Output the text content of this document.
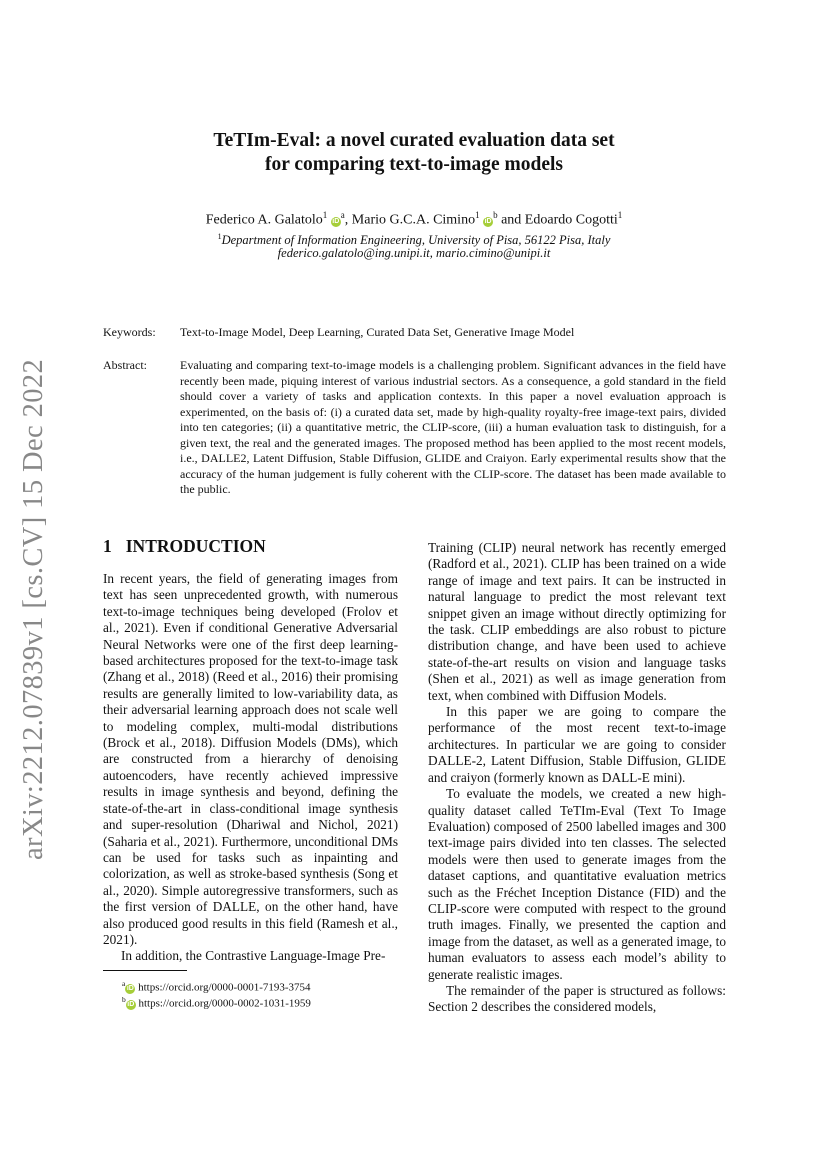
arXiv:2212.07839v1 [cs.CV] 15 Dec 2022
TeTIm-Eval: a novel curated evaluation data set
for comparing text-to-image models
Federico A. Galatolo$^1$ $iD^a$, Mario G.C.A. Cimino$^1$ $iD^b$ and Edoardo Cogotti$^1$
$^1$Department of Information Engineering, University of Pisa, 56122 Pisa, Italy
federico.galatolo@ing.unipi.it, mario.cimino@unipi.it
Keywords: Text-to-Image Model, Deep Learning, Curated Data Set, Generative Image Model
Abstract:	Evaluating and comparing text-to-image models is a challenging problem. Significant advances in the field have recently been made, piquing interest of various industrial sectors. As a consequence, a gold standard in the field should cover a variety of tasks and application contexts. In this paper a novel evaluation approach is experimented, on the basis of: (i) a curated data set, made by high-quality royalty-free image-text pairs, divided into ten categories; (ii) a quantitative metric, the CLIP-score, (iii) a human evaluation task to distinguish, for a given text, the real and the generated images. The proposed method has been applied to the most recent models, i.e., DALLE2, Latent Diffusion, Stable Diffusion, GLIDE and Craiyon. Early experimental results show that the accuracy of the human judgement is fully coherent with the CLIP-score. The dataset has been made available to the public.
1 INTRODUCTION

In recent years, the field of generating images from text has seen unprecedented growth, with numerous text-to-image techniques being developed (Frolov et al., 2021). Even if conditional Generative Adversarial Neural Networks were one of the first deep learning-based architectures proposed for the text-to-image task (Zhang et al., 2018) (Reed et al., 2016) their promising results are generally limited to low-variability data, as their adversarial learning approach does not scale well to modeling complex, multi-modal distributions (Brock et al., 2018). Diffusion Models (DMs), which are constructed from a hierarchy of denoising autoencoders, have recently achieved impressive results in image synthesis and beyond, defining the state-of-the-art in class-conditional image synthesis and super-resolution (Dhariwal and Nichol, 2021) (Saharia et al., 2021). Furthermore, unconditional DMs can be used for tasks such as inpainting and colorization, as well as stroke-based synthesis (Song et al., 2020). Simple autoregressive transformers, such as the first version of DALLE, on the other hand, have also produced good results in this field (Ramesh et al., 2021).

In addition, the Contrastive Language-Image Pre-

Training (CLIP) neural network has recently emerged (Radford et al., 2021). CLIP has been trained on a wide range of image and text pairs. It can be instructed in natural language to predict the most relevant text snippet given an image without directly optimizing for the task. CLIP embeddings are also robust to picture distribution change, and have been used to achieve state-of-the-art results on vision and language tasks (Shen et al., 2021) as well as image generation from text, when combined with Diffusion Models.

In this paper we are going to compare the performance of the most recent text-to-image architectures. In particular we are going to consider DALLE-2, Latent Diffusion, Stable Diffusion, GLIDE and craiyon (formerly known as DALL-E mini).

To evaluate the models, we created a new high-quality dataset called TeTIm-Eval (Text To Image Evaluation) composed of 2500 labelled images and 300 text-image pairs divided into ten classes. The selected models were then used to generate images from the dataset captions, and quantitative evaluation metrics such as the Fréchet Inception Distance (FID) and the CLIP-score were computed with respect to the ground truth images. Finally, we presented the caption and image from the dataset, as well as a generated image, to human evaluators to assess each model’s ability to generate realistic images.

The remainder of the paper is structured as follows: Section 2 describes the considered models,

$^a$iD https://orcid.org/0000-0001-7193-3754
$^b$iD https://orcid.org/0000-0002-1031-1959
